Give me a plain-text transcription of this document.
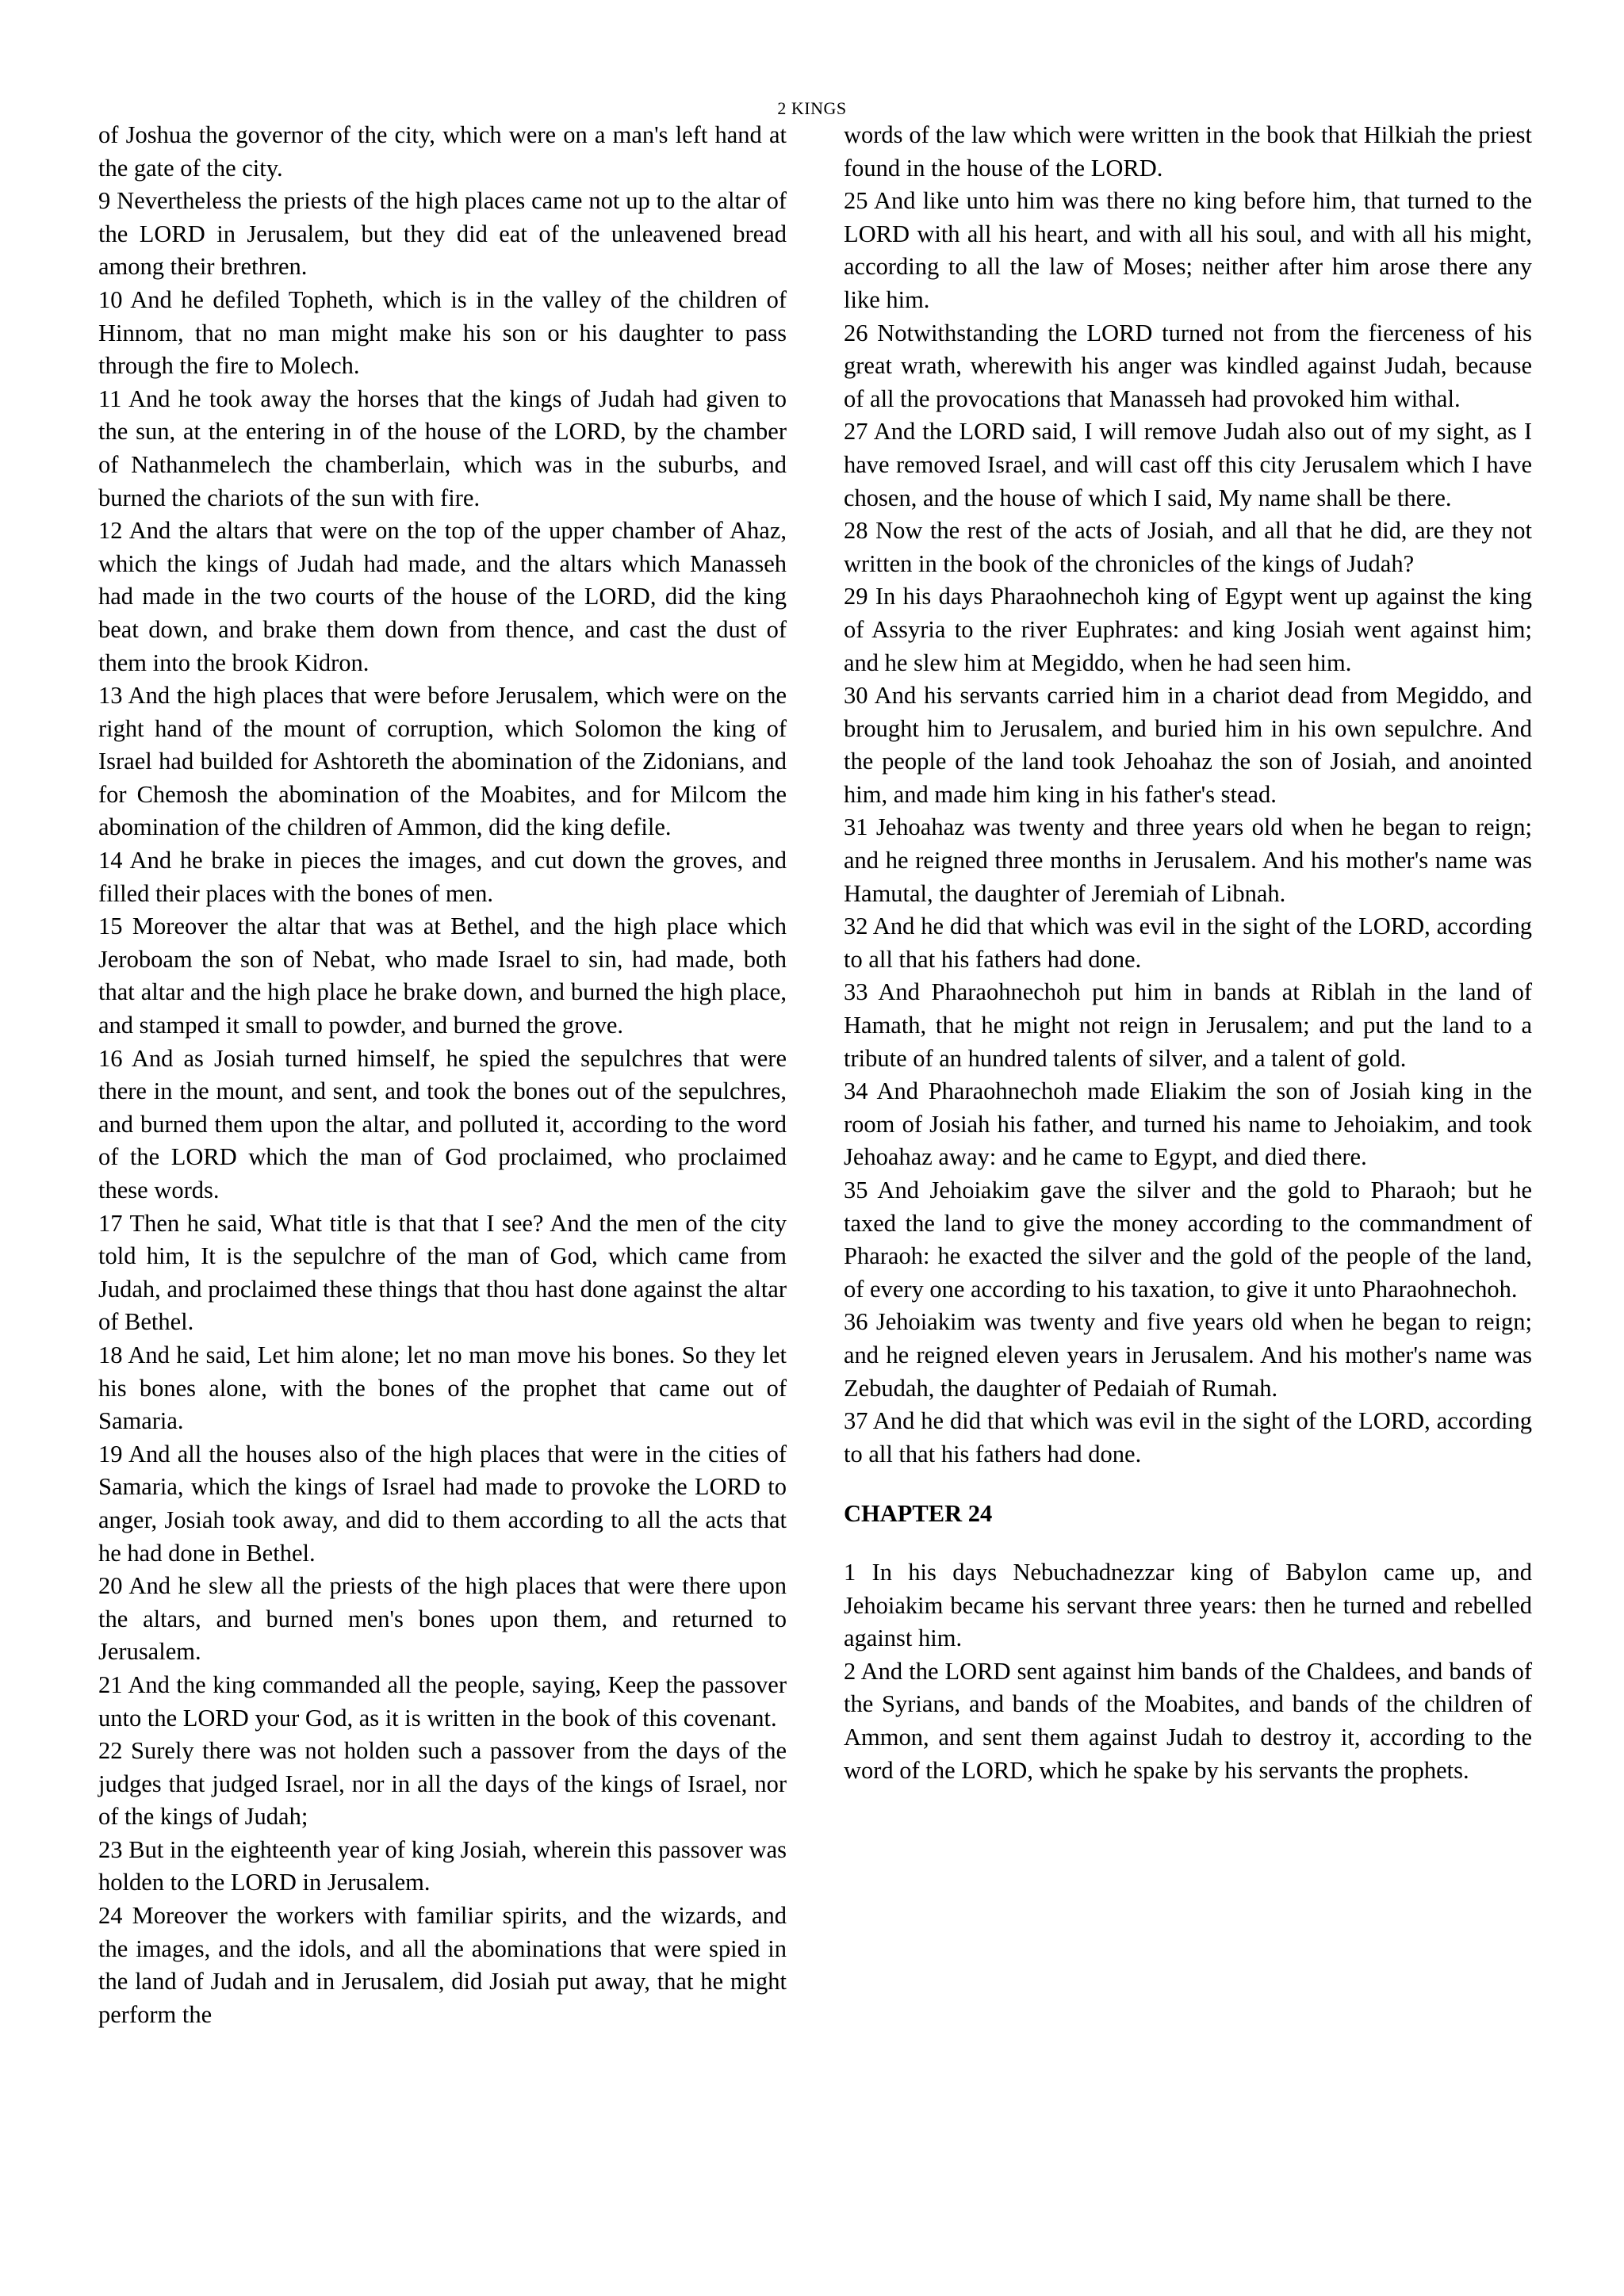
2 KINGS

of Joshua the governor of the city, which were on a man's left hand at the gate of the city.

9 Nevertheless the priests of the high places came not up to the altar of the LORD in Jerusalem, but they did eat of the unleavened bread among their brethren.

10 And he defiled Topheth, which is in the valley of the children of Hinnom, that no man might make his son or his daughter to pass through the fire to Molech.

11 And he took away the horses that the kings of Judah had given to the sun, at the entering in of the house of the LORD, by the chamber of Nathanmelech the chamberlain, which was in the suburbs, and burned the chariots of the sun with fire.

12 And the altars that were on the top of the upper chamber of Ahaz, which the kings of Judah had made, and the altars which Manasseh had made in the two courts of the house of the LORD, did the king beat down, and brake them down from thence, and cast the dust of them into the brook Kidron.

13 And the high places that were before Jerusalem, which were on the right hand of the mount of corruption, which Solomon the king of Israel had builded for Ashtoreth the abomination of the Zidonians, and for Chemosh the abomination of the Moabites, and for Milcom the abomination of the children of Ammon, did the king defile.

14 And he brake in pieces the images, and cut down the groves, and filled their places with the bones of men.

15 Moreover the altar that was at Bethel, and the high place which Jeroboam the son of Nebat, who made Israel to sin, had made, both that altar and the high place he brake down, and burned the high place, and stamped it small to powder, and burned the grove.

16 And as Josiah turned himself, he spied the sepulchres that were there in the mount, and sent, and took the bones out of the sepulchres, and burned them upon the altar, and polluted it, according to the word of the LORD which the man of God proclaimed, who proclaimed these words.

17 Then he said, What title is that that I see? And the men of the city told him, It is the sepulchre of the man of God, which came from Judah, and proclaimed these things that thou hast done against the altar of Bethel.

18 And he said, Let him alone; let no man move his bones. So they let his bones alone, with the bones of the prophet that came out of Samaria.

19 And all the houses also of the high places that were in the cities of Samaria, which the kings of Israel had made to provoke the LORD to anger, Josiah took away, and did to them according to all the acts that he had done in Bethel.

20 And he slew all the priests of the high places that were there upon the altars, and burned men's bones upon them, and returned to Jerusalem.

21 And the king commanded all the people, saying, Keep the passover unto the LORD your God, as it is written in the book of this covenant.

22 Surely there was not holden such a passover from the days of the judges that judged Israel, nor in all the days of the kings of Israel, nor of the kings of Judah;

23 But in the eighteenth year of king Josiah, wherein this passover was holden to the LORD in Jerusalem.

24 Moreover the workers with familiar spirits, and the wizards, and the images, and the idols, and all the abominations that were spied in the land of Judah and in Jerusalem, did Josiah put away, that he might perform the

words of the law which were written in the book that Hilkiah the priest found in the house of the LORD.

25 And like unto him was there no king before him, that turned to the LORD with all his heart, and with all his soul, and with all his might, according to all the law of Moses; neither after him arose there any like him.

26 Notwithstanding the LORD turned not from the fierceness of his great wrath, wherewith his anger was kindled against Judah, because of all the provocations that Manasseh had provoked him withal.

27 And the LORD said, I will remove Judah also out of my sight, as I have removed Israel, and will cast off this city Jerusalem which I have chosen, and the house of which I said, My name shall be there.

28 Now the rest of the acts of Josiah, and all that he did, are they not written in the book of the chronicles of the kings of Judah?

29 In his days Pharaohnechoh king of Egypt went up against the king of Assyria to the river Euphrates: and king Josiah went against him; and he slew him at Megiddo, when he had seen him.

30 And his servants carried him in a chariot dead from Megiddo, and brought him to Jerusalem, and buried him in his own sepulchre. And the people of the land took Jehoahaz the son of Josiah, and anointed him, and made him king in his father's stead.

31 Jehoahaz was twenty and three years old when he began to reign; and he reigned three months in Jerusalem. And his mother's name was Hamutal, the daughter of Jeremiah of Libnah.

32 And he did that which was evil in the sight of the LORD, according to all that his fathers had done.

33 And Pharaohnechoh put him in bands at Riblah in the land of Hamath, that he might not reign in Jerusalem; and put the land to a tribute of an hundred talents of silver, and a talent of gold.

34 And Pharaohnechoh made Eliakim the son of Josiah king in the room of Josiah his father, and turned his name to Jehoiakim, and took Jehoahaz away: and he came to Egypt, and died there.

35 And Jehoiakim gave the silver and the gold to Pharaoh; but he taxed the land to give the money according to the commandment of Pharaoh: he exacted the silver and the gold of the people of the land, of every one according to his taxation, to give it unto Pharaohnechoh.

36 Jehoiakim was twenty and five years old when he began to reign; and he reigned eleven years in Jerusalem. And his mother's name was Zebudah, the daughter of Pedaiah of Rumah.

37 And he did that which was evil in the sight of the LORD, according to all that his fathers had done.

CHAPTER 24

1 In his days Nebuchadnezzar king of Babylon came up, and Jehoiakim became his servant three years: then he turned and rebelled against him.

2 And the LORD sent against him bands of the Chaldees, and bands of the Syrians, and bands of the Moabites, and bands of the children of Ammon, and sent them against Judah to destroy it, according to the word of the LORD, which he spake by his servants the prophets.
